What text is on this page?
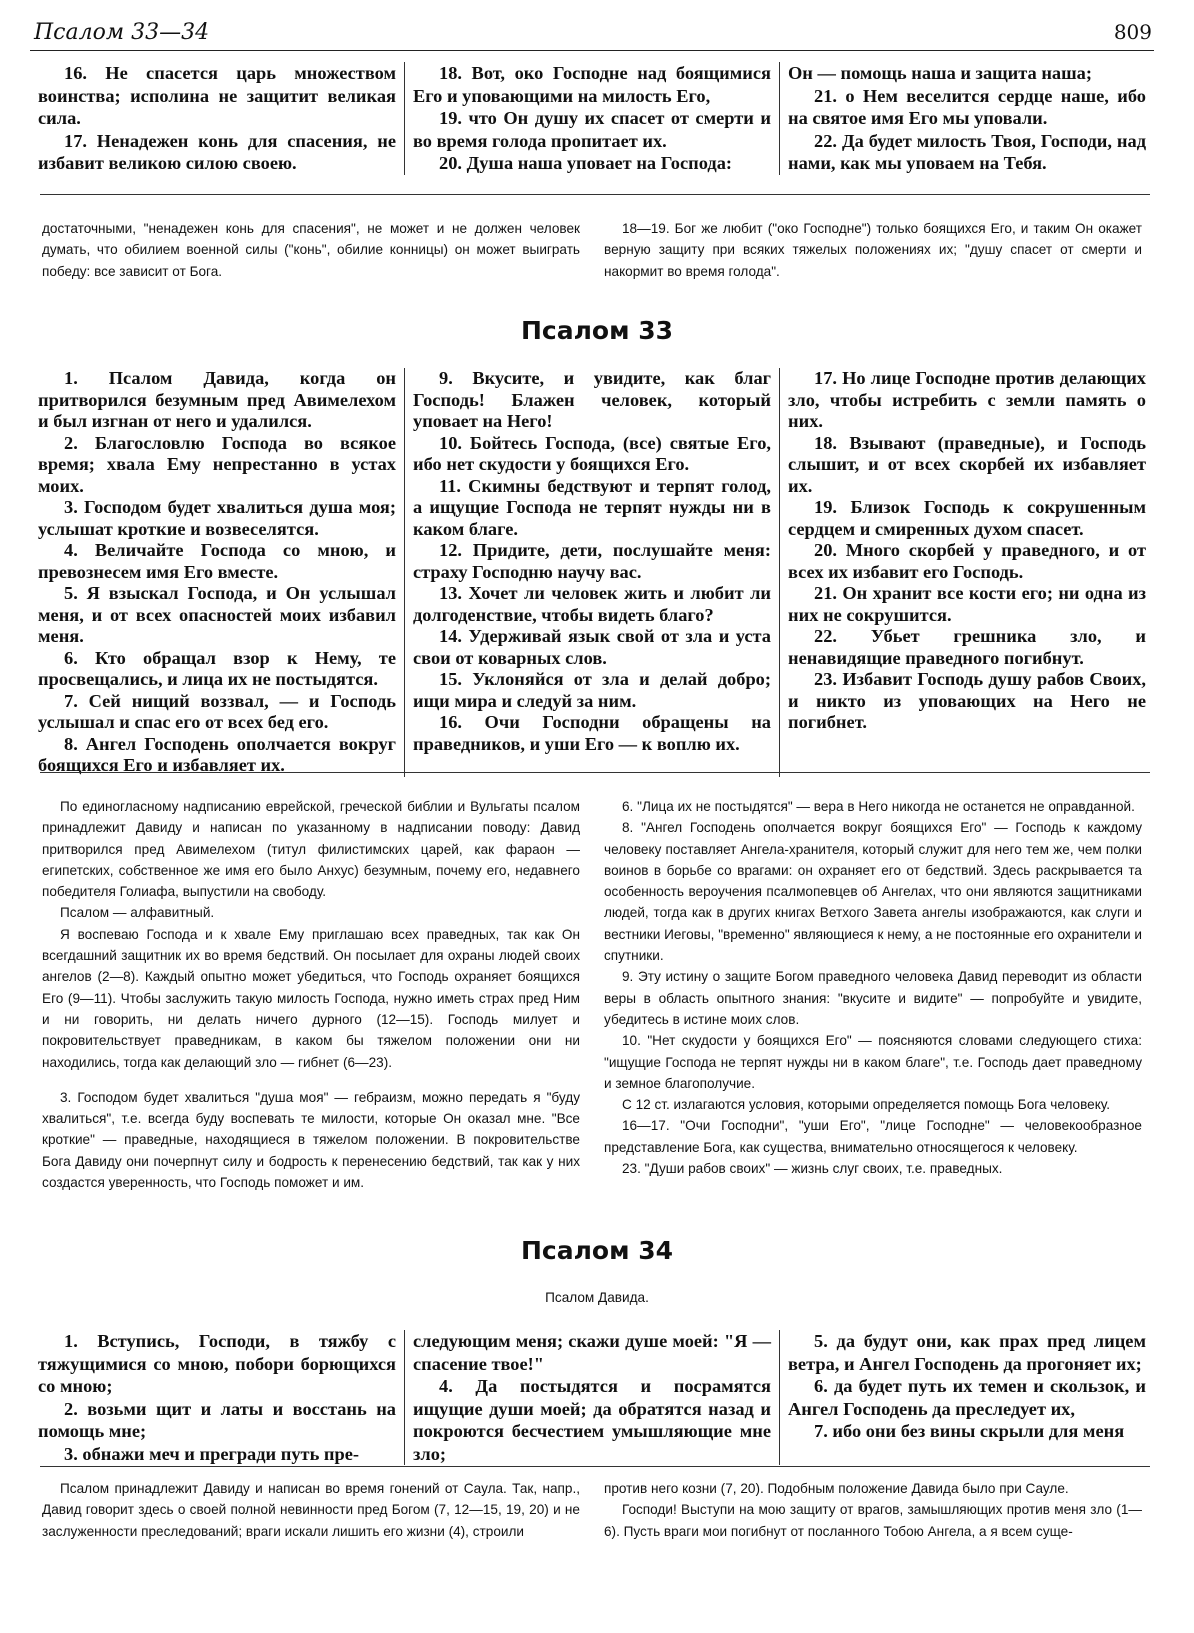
Псалом 33—34	809

16. Не спасется царь множеством воинства; исполина не защитит великая сила.

17. Ненадежен конь для спасения, не избавит великою силою своею.

18. Вот, око Господне над боящимися Его и уповающими на милость Его,

19. что Он душу их спасет от смерти и во время голода пропитает их.

20. Душа наша уповает на Господа:

Он — помощь наша и защита наша;

21. о Нем веселится сердце наше, ибо на святое имя Его мы уповали.

22. Да будет милость Твоя, Господи, над нами, как мы уповаем на Тебя.

достаточными, "ненадежен конь для спасения", не может и не должен человек думать, что обилием военной силы ("конь", обилие конницы) он может выиграть победу: все зависит от Бога.

18—19. Бог же любит ("око Господне") только боящихся Его, и таким Он окажет верную защиту при всяких тяжелых положениях их; "душу спасет от смерти и накормит во время голода".

Псалом 33

1. Псалом Давида, когда он притворился безумным пред Авимелехом и был изгнан от него и удалился.

2. Благословлю Господа во всякое время; хвала Ему непрестанно в устах моих.

3. Господом будет хвалиться душа моя; услышат кроткие и возвеселятся.

4. Величайте Господа со мною, и превознесем имя Его вместе.

5. Я взыскал Господа, и Он услышал меня, и от всех опасностей моих избавил меня.

6. Кто обращал взор к Нему, те просвещались, и лица их не постыдятся.

7. Сей нищий воззвал, — и Господь услышал и спас его от всех бед его.

8. Ангел Господень ополчается вокруг боящихся Его и избавляет их.

9. Вкусите, и увидите, как благ Господь! Блажен человек, который уповает на Него!

10. Бойтесь Господа, (все) святые Его, ибо нет скудости у боящихся Его.

11. Скимны бедствуют и терпят голод, а ищущие Господа не терпят нужды ни в каком благе.

12. Придите, дети, послушайте меня: страху Господню научу вас.

13. Хочет ли человек жить и любит ли долгоденствие, чтобы видеть благо?

14. Удерживай язык свой от зла и уста свои от коварных слов.

15. Уклоняйся от зла и делай добро; ищи мира и следуй за ним.

16. Очи Господни обращены на праведников, и уши Его — к воплю их.

17. Но лице Господне против делающих зло, чтобы истребить с земли память о них.

18. Взывают (праведные), и Господь слышит, и от всех скорбей их избавляет их.

19. Близок Господь к сокрушенным сердцем и смиренных духом спасет.

20. Много скорбей у праведного, и от всех их избавит его Господь.

21. Он хранит все кости его; ни одна из них не сокрушится.

22. Убьет грешника зло, и ненавидящие праведного погибнут.

23. Избавит Господь душу рабов Своих, и никто из уповающих на Него не погибнет.

По единогласному надписанию еврейской, греческой библии и Вульгаты псалом принадлежит Давиду и написан по указанному в надписании поводу: Давид притворился пред Авимелехом (титул филистимских царей, как фараон — египетских, собственное же имя его было Анхус) безумным, почему его, недавнего победителя Голиафа, выпустили на свободу.

Псалом — алфавитный.

Я воспеваю Господа и к хвале Ему приглашаю всех праведных, так как Он всегдашний защитник их во время бедствий. Он посылает для охраны людей своих ангелов (2—8). Каждый опытно может убедиться, что Господь охраняет боящихся Его (9—11). Чтобы заслужить такую милость Господа, нужно иметь страх пред Ним и ни говорить, ни делать ничего дурного (12—15). Господь милует и покровительствует праведникам, в каком бы тяжелом положении они ни находились, тогда как делающий зло — гибнет (6—23).

3. Господом будет хвалиться "душа моя" — гебраизм, можно передать я "буду хвалиться", т.е. всегда буду воспевать те милости, которые Он оказал мне. "Все кроткие" — праведные, находящиеся в тяжелом положении. В покровительстве Бога Давиду они почерпнут силу и бодрость к перенесению бедствий, так как у них создастся уверенность, что Господь поможет и им.

6. "Лица их не постыдятся" — вера в Него никогда не останется не оправданной.

8. "Ангел Господень ополчается вокруг боящихся Его" — Господь к каждому человеку поставляет Ангела-хранителя, который служит для него тем же, чем полки воинов в борьбе со врагами: он охраняет его от бедствий. Здесь раскрывается та особенность вероучения псалмопевцев об Ангелах, что они являются защитниками людей, тогда как в других книгах Ветхого Завета ангелы изображаются, как слуги и вестники Иеговы, "временно" являющиеся к нему, а не постоянные его охранители и спутники.

9. Эту истину о защите Богом праведного человека Давид переводит из области веры в область опытного знания: "вкусите и видите" — попробуйте и увидите, убедитесь в истине моих слов.

10. "Нет скудости у боящихся Его" — поясняются словами следующего стиха: "ищущие Господа не терпят нужды ни в каком благе", т.е. Господь дает праведному и земное благополучие.

С 12 ст. излагаются условия, которыми определяется помощь Бога человеку.

16—17. "Очи Господни", "уши Его", "лице Господне" — человекообразное представление Бога, как существа, внимательно относящегося к человеку.

23. "Души рабов своих" — жизнь слуг своих, т.е. праведных.

Псалом 34
Псалом Давида.

1. Вступись, Господи, в тяжбу с тяжущимися со мною, побори борющихся со мною;

2. возьми щит и латы и восстань на помощь мне;

3. обнажи меч и прегради путь пре-

следующим меня; скажи душе моей: "Я — спасение твое!"

4. Да постыдятся и посрамятся ищущие души моей; да обратятся назад и покроются бесчестием умышляющие мне зло;

5. да будут они, как прах пред лицем ветра, и Ангел Господень да прогоняет их;

6. да будет путь их темен и скользок, и Ангел Господень да преследует их,

7. ибо они без вины скрыли для меня

Псалом принадлежит Давиду и написан во время гонений от Саула. Так, напр., Давид говорит здесь о своей полной невинности пред Богом (7, 12—15, 19, 20) и не заслуженности преследований; враги искали лишить его жизни (4), строили

против него козни (7, 20). Подобным положение Давида было при Сауле.

Господи! Выступи на мою защиту от врагов, замышляющих против меня зло (1—6). Пусть враги мои погибнут от посланного Тобою Ангела, а я всем суще-
